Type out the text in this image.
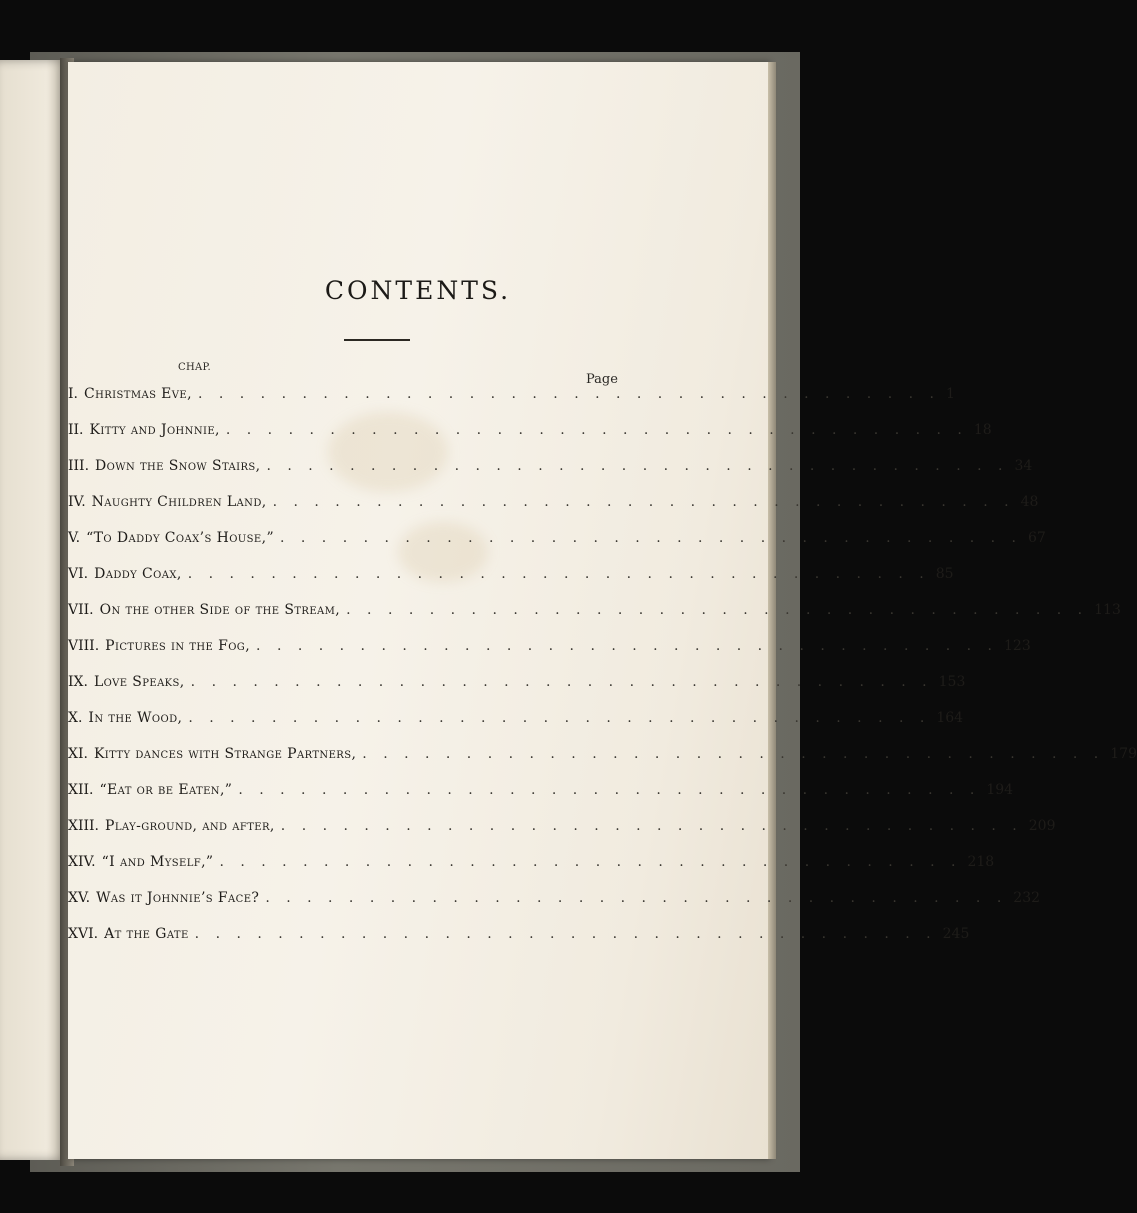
CONTENTS.
CHAP.
Page
I. Christmas Eve, . . . . . . . . . . . . . . . . . . . . . . . . . . . . . . . . . . . . 1
II. Kitty and Johnnie, . . . . . . . . . . . . . . . . . . . . . . . . . . . . . . . . . . . . 18
III. Down the Snow Stairs, . . . . . . . . . . . . . . . . . . . . . . . . . . . . . . . . . . . . 34
IV. Naughty Children Land, . . . . . . . . . . . . . . . . . . . . . . . . . . . . . . . . . . . . 48
V. “To Daddy Coax’s House,” . . . . . . . . . . . . . . . . . . . . . . . . . . . . . . . . . . . . 67
VI. Daddy Coax, . . . . . . . . . . . . . . . . . . . . . . . . . . . . . . . . . . . . 85
VII. On the other Side of the Stream, . . . . . . . . . . . . . . . . . . . . . . . . . . . . . . . . . . . . 113
VIII. Pictures in the Fog, . . . . . . . . . . . . . . . . . . . . . . . . . . . . . . . . . . . . 123
IX. Love Speaks, . . . . . . . . . . . . . . . . . . . . . . . . . . . . . . . . . . . . 153
X. In the Wood, . . . . . . . . . . . . . . . . . . . . . . . . . . . . . . . . . . . . 164
XI. Kitty dances with Strange Partners, . . . . . . . . . . . . . . . . . . . . . . . . . . . . . . . . . . . . 179
XII. “Eat or be Eaten,” . . . . . . . . . . . . . . . . . . . . . . . . . . . . . . . . . . . . 194
XIII. Play-ground, and after, . . . . . . . . . . . . . . . . . . . . . . . . . . . . . . . . . . . . 209
XIV. “I and Myself,” . . . . . . . . . . . . . . . . . . . . . . . . . . . . . . . . . . . . 218
XV. Was it Johnnie’s Face? . . . . . . . . . . . . . . . . . . . . . . . . . . . . . . . . . . . . 232
XVI. At the Gate . . . . . . . . . . . . . . . . . . . . . . . . . . . . . . . . . . . . 245
